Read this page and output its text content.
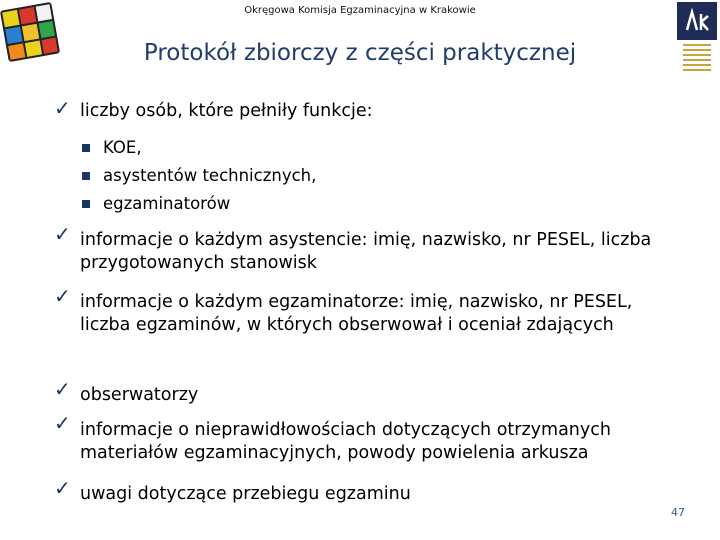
Okręgowa Komisja Egzaminacyjna w Krakowie
Protokół zbiorczy z części praktycznej
✓ liczby osób, które pełniły funkcje:

KOE,
asystentów technicznych,
egzaminatorów
✓ informacje o każdym asystencie: imię, nazwisko, nr PESEL, liczba przygotowanych stanowisk

✓ informacje o każdym egzaminatorze: imię, nazwisko, nr PESEL, liczba egzaminów, w których obserwował i oceniał zdających

✓ obserwatorzy

✓ informacje o nieprawidłowościach dotyczących otrzymanych materiałów egzaminacyjnych, powody powielenia arkusza

✓ uwagi dotyczące przebiegu egzaminu

47
